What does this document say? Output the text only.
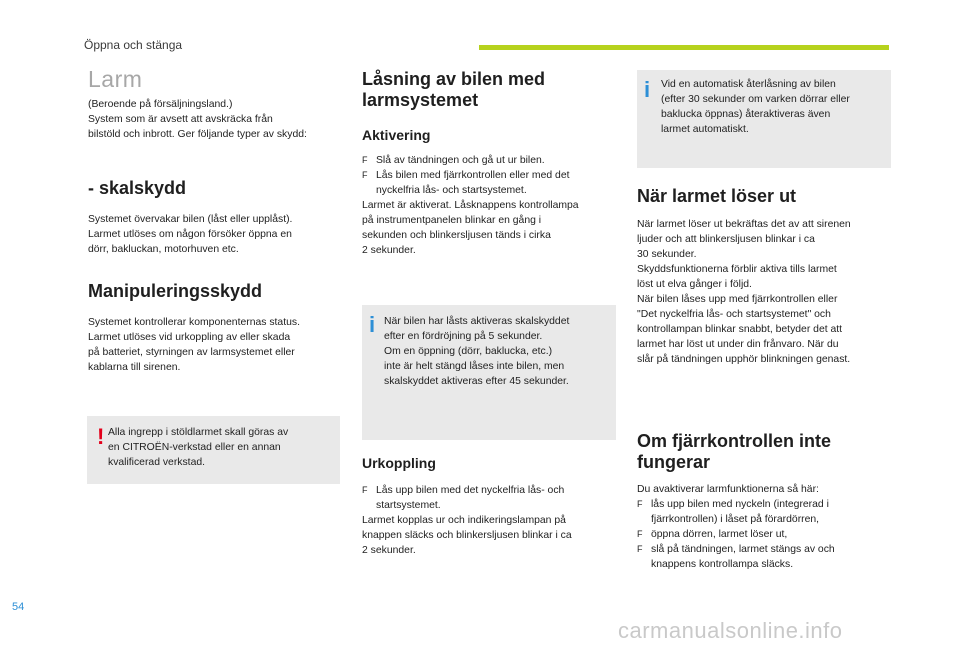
Öppna och stänga
Larm

(Beroende på försäljningsland.)

System som är avsett att avskräcka från

bilstöld och inbrott. Ger följande typer av skydd:

- skalskydd

Systemet övervakar bilen (låst eller upplåst).

Larmet utlöses om någon försöker öppna en

dörr, bakluckan, motorhuven etc.

Manipuleringsskydd

Systemet kontrollerar komponenternas status.

Larmet utlöses vid urkoppling av eller skada

på batteriet, styrningen av larmsystemet eller

kablarna till sirenen.

! Alla ingrepp i stöldlarmet skall göras av

en CITROËN-verkstad eller en annan

kvalificerad verkstad.

Låsning av bilen med
larmsystemet
Aktivering
F Slå av tändningen och gå ut ur bilen.
F Lås bilen med fjärrkontrollen eller med det
nyckelfria lås- och startsystemet.

Larmet är aktiverat. Låsknappens kontrollampa

på instrumentpanelen blinkar en gång i

sekunden och blinkersljusen tänds i cirka

2 sekunder.

i När bilen har låsts aktiveras skalskyddet

efter en fördröjning på 5 sekunder.

Om en öppning (dörr, baklucka, etc.)

inte är helt stängd låses inte bilen, men

skalskyddet aktiveras efter 45 sekunder.

Urkoppling
F Lås upp bilen med det nyckelfria lås- och
startsystemet.

Larmet kopplas ur och indikeringslampan på

knappen släcks och blinkersljusen blinkar i ca

2 sekunder.

i Vid en automatisk återlåsning av bilen

(efter 30 sekunder om varken dörrar eller

baklucka öppnas) återaktiveras även

larmet automatiskt.

När larmet löser ut

När larmet löser ut bekräftas det av att sirenen

ljuder och att blinkersljusen blinkar i ca

30 sekunder.

Skyddsfunktionerna förblir aktiva tills larmet

löst ut elva gånger i följd.

När bilen låses upp med fjärrkontrollen eller

"Det nyckelfria lås- och startsystemet" och

kontrollampan blinkar snabbt, betyder det att

larmet har löst ut under din frånvaro. När du

slår på tändningen upphör blinkningen genast.

Om fjärrkontrollen inte
fungerar

Du avaktiverar larmfunktionerna så här:

F lås upp bilen med nyckeln (integrerad i
fjärrkontrollen) i låset på förardörren,
F öppna dörren, larmet löser ut,
F slå på tändningen, larmet stängs av och
knappens kontrollampa släcks.
54
carmanualsonline.info
